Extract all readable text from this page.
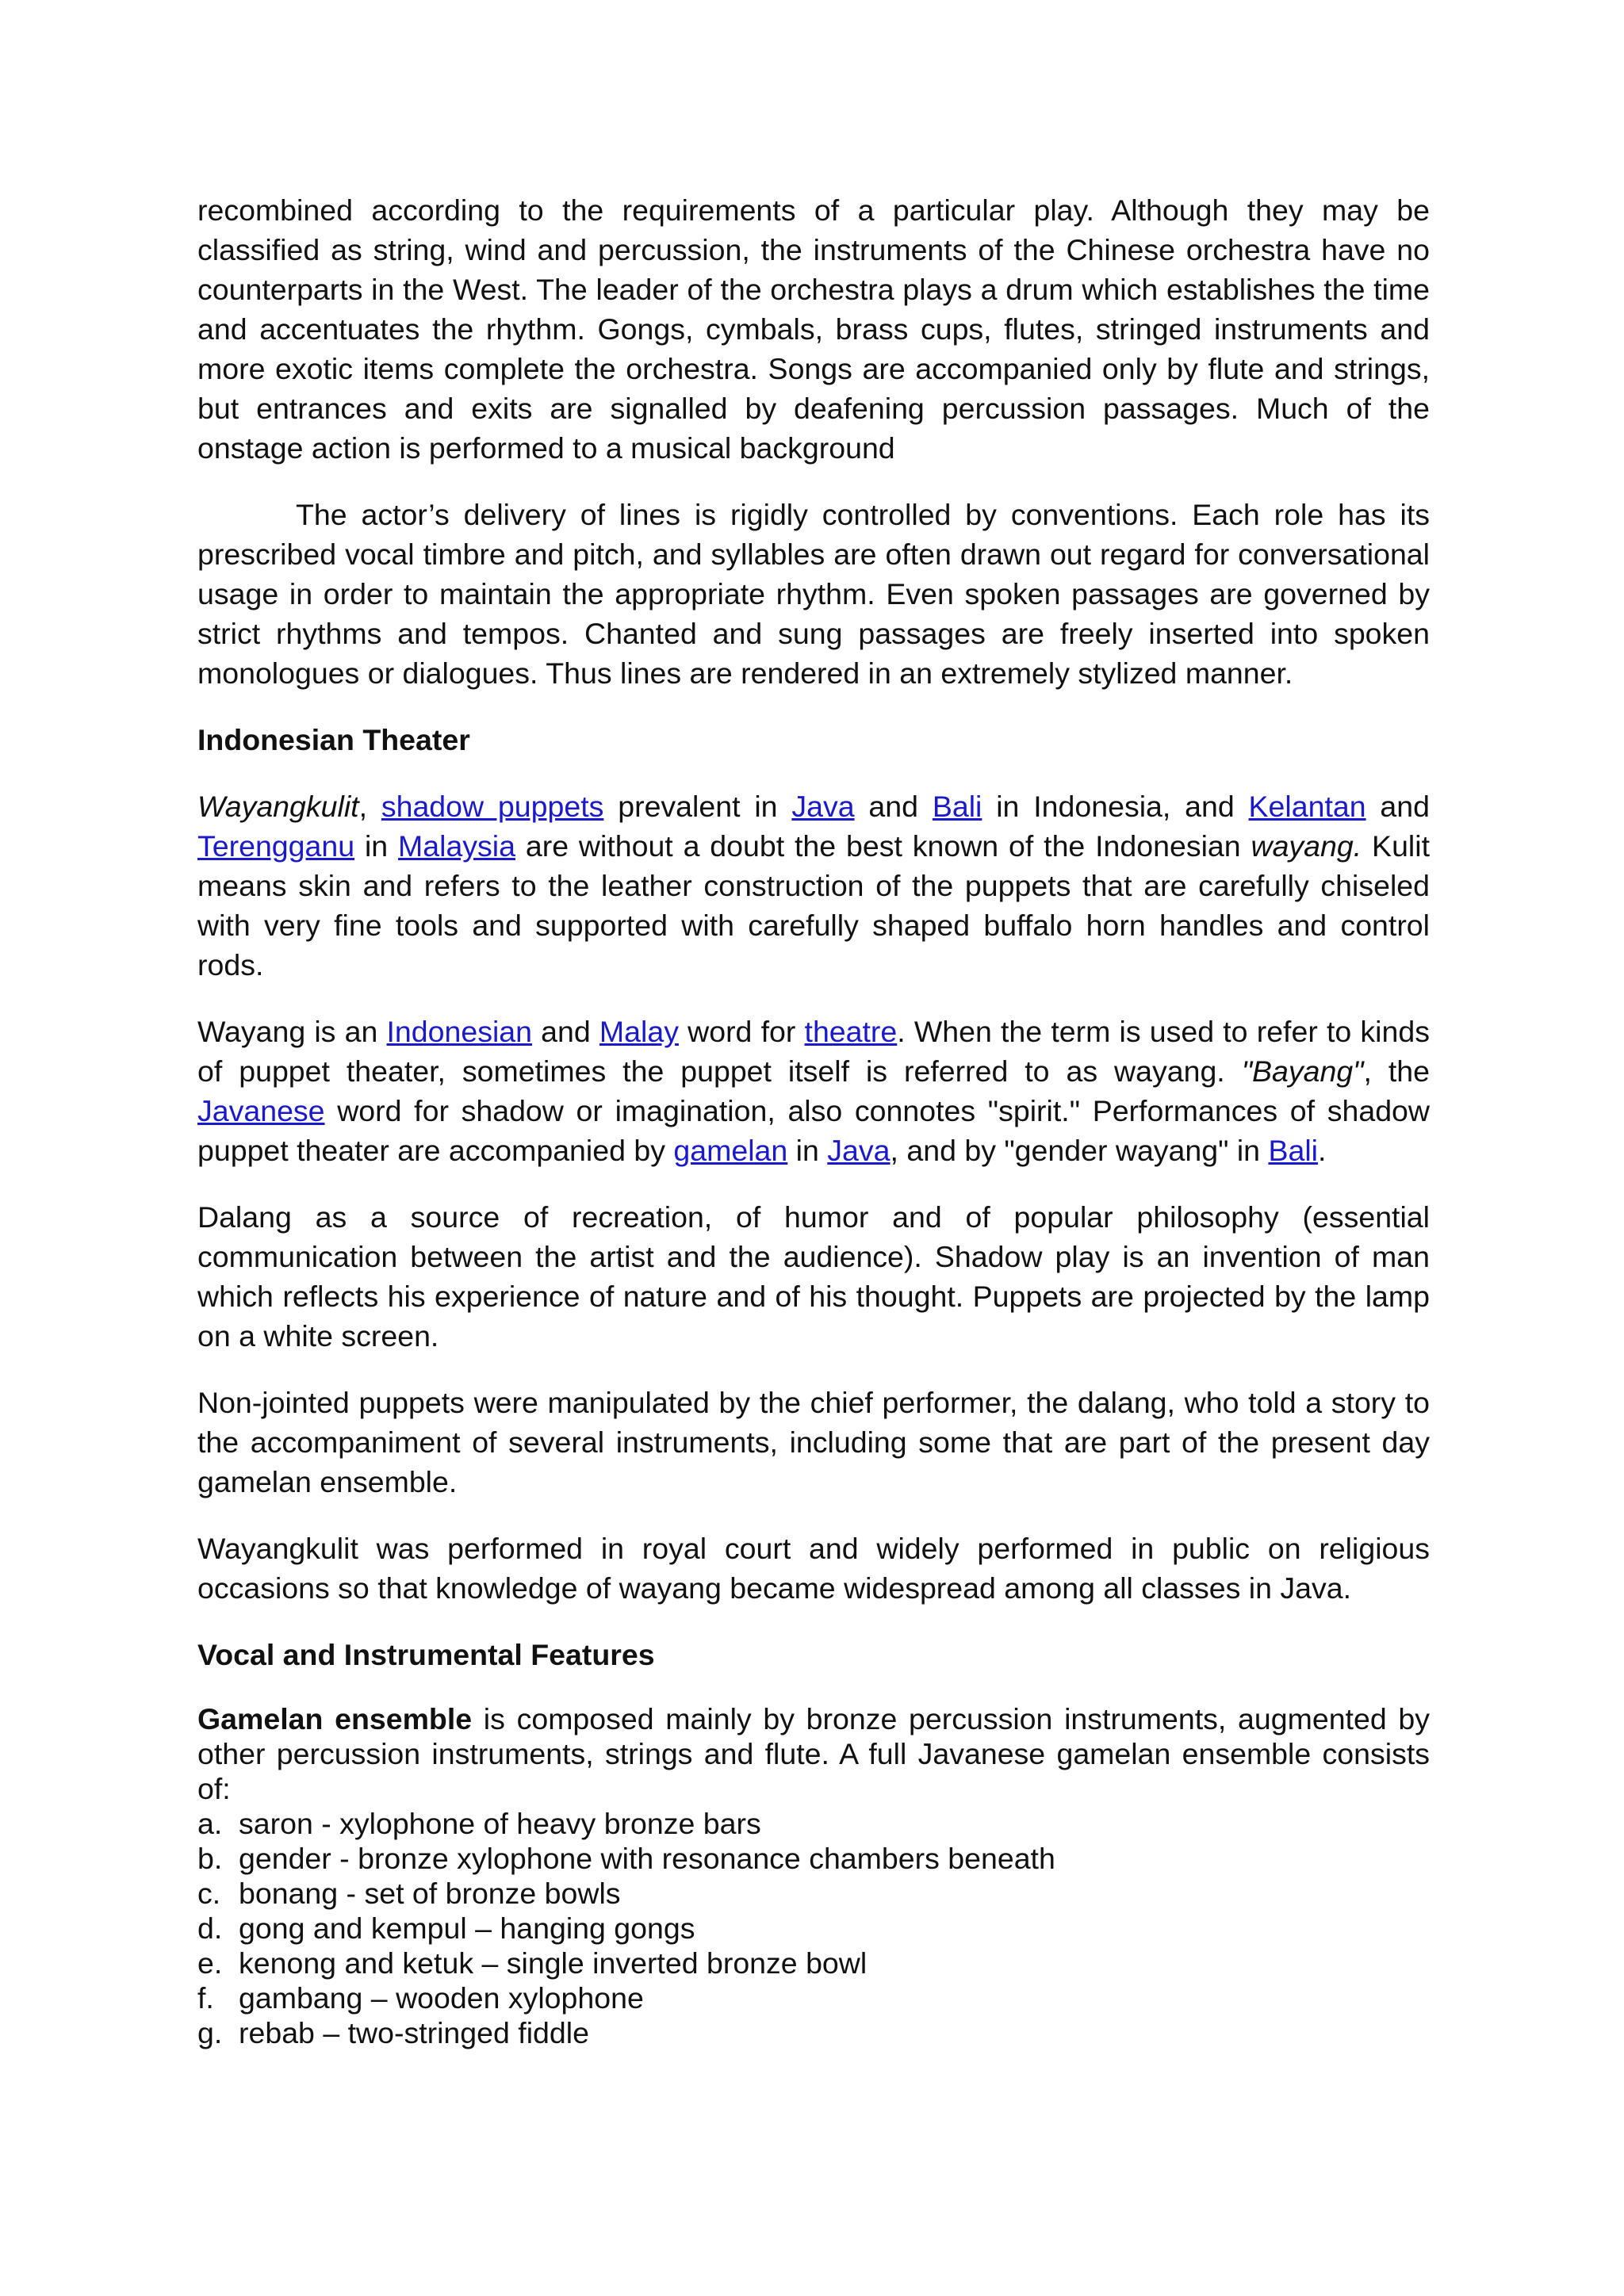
recombined according to the requirements of a particular play. Although they may be classified as string, wind and percussion, the instruments of the Chinese orchestra have no counterparts in the West. The leader of the orchestra plays a drum which establishes the time and accentuates the rhythm. Gongs, cymbals, brass cups, flutes, stringed instruments and more exotic items complete the orchestra. Songs are accompanied only by flute and strings, but entrances and exits are signalled by deafening percussion passages. Much of the onstage action is performed to a musical background

The actor’s delivery of lines is rigidly controlled by conventions. Each role has its prescribed vocal timbre and pitch, and syllables are often drawn out regard for conversational usage in order to maintain the appropriate rhythm. Even spoken passages are governed by strict rhythms and tempos. Chanted and sung passages are freely inserted into spoken monologues or dialogues. Thus lines are rendered in an extremely stylized manner.

Indonesian Theater

Wayangkulit, shadow puppets prevalent in Java and Bali in Indonesia, and Kelantan and Terengganu in Malaysia are without a doubt the best known of the Indonesian wayang. Kulit means skin and refers to the leather construction of the puppets that are carefully chiseled with very fine tools and supported with carefully shaped buffalo horn handles and control rods.

Wayang is an Indonesian and Malay word for theatre. When the term is used to refer to kinds of puppet theater, sometimes the puppet itself is referred to as wayang. "Bayang", the Javanese word for shadow or imagination, also connotes "spirit." Performances of shadow puppet theater are accompanied by gamelan in Java, and by "gender wayang" in Bali.

Dalang as a source of recreation, of humor and of popular philosophy (essential communication between the artist and the audience). Shadow play is an invention of man which reflects his experience of nature and of his thought. Puppets are projected by the lamp on a white screen.

Non-jointed puppets were manipulated by the chief performer, the dalang, who told a story to the accompaniment of several instruments, including some that are part of the present day gamelan ensemble.

Wayangkulit was performed in royal court and widely performed in public on religious occasions so that knowledge of wayang became widespread among all classes in Java.

Vocal and Instrumental Features

Gamelan ensemble is composed mainly by bronze percussion instruments, augmented by other percussion instruments, strings and flute. A full Javanese gamelan ensemble consists of:

a. saron - xylophone of heavy bronze bars
b. gender - bronze xylophone with resonance chambers beneath
c. bonang - set of bronze bowls
d. gong and kempul – hanging gongs
e. kenong and ketuk – single inverted bronze bowl
f. gambang – wooden xylophone
g. rebab – two-stringed fiddle
